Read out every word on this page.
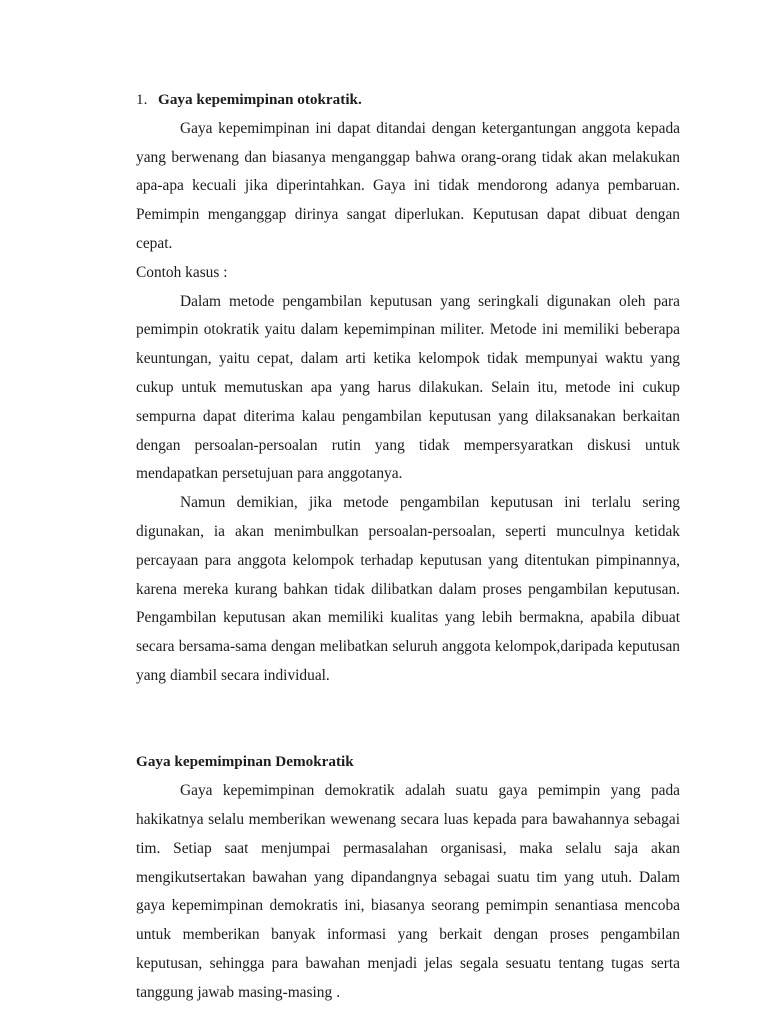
1. Gaya kepemimpinan otokratik.

Gaya kepemimpinan ini dapat ditandai dengan ketergantungan anggota kepada yang berwenang dan biasanya menganggap bahwa orang-orang tidak akan melakukan apa-apa kecuali jika diperintahkan. Gaya ini tidak mendorong adanya pembaruan. Pemimpin menganggap dirinya sangat diperlukan. Keputusan dapat dibuat dengan cepat.

Contoh kasus :

Dalam metode pengambilan keputusan yang seringkali digunakan oleh para pemimpin otokratik yaitu dalam kepemimpinan militer. Metode ini memiliki beberapa keuntungan, yaitu cepat, dalam arti ketika kelompok tidak mempunyai waktu yang cukup untuk memutuskan apa yang harus dilakukan. Selain itu, metode ini cukup sempurna dapat diterima kalau pengambilan keputusan yang dilaksanakan berkaitan dengan persoalan-persoalan rutin yang tidak mempersyaratkan diskusi untuk mendapatkan persetujuan para anggotanya.

Namun demikian, jika metode pengambilan keputusan ini terlalu sering digunakan, ia akan menimbulkan persoalan-persoalan, seperti munculnya ketidak percayaan para anggota kelompok terhadap keputusan yang ditentukan pimpinannya, karena mereka kurang bahkan tidak dilibatkan dalam proses pengambilan keputusan. Pengambilan keputusan akan memiliki kualitas yang lebih bermakna, apabila dibuat secara bersama-sama dengan melibatkan seluruh anggota kelompok,daripada keputusan yang diambil secara individual.

Gaya kepemimpinan Demokratik

Gaya kepemimpinan demokratik adalah suatu gaya pemimpin yang pada hakikatnya selalu memberikan wewenang secara luas kepada para bawahannya sebagai tim. Setiap saat menjumpai permasalahan organisasi, maka selalu saja akan mengikutsertakan bawahan yang dipandangnya sebagai suatu tim yang utuh. Dalam gaya kepemimpinan demokratis ini, biasanya seorang pemimpin senantiasa mencoba untuk memberikan banyak informasi yang berkait dengan proses pengambilan keputusan, sehingga para bawahan menjadi jelas segala sesuatu tentang tugas serta tanggung jawab masing-masing .
